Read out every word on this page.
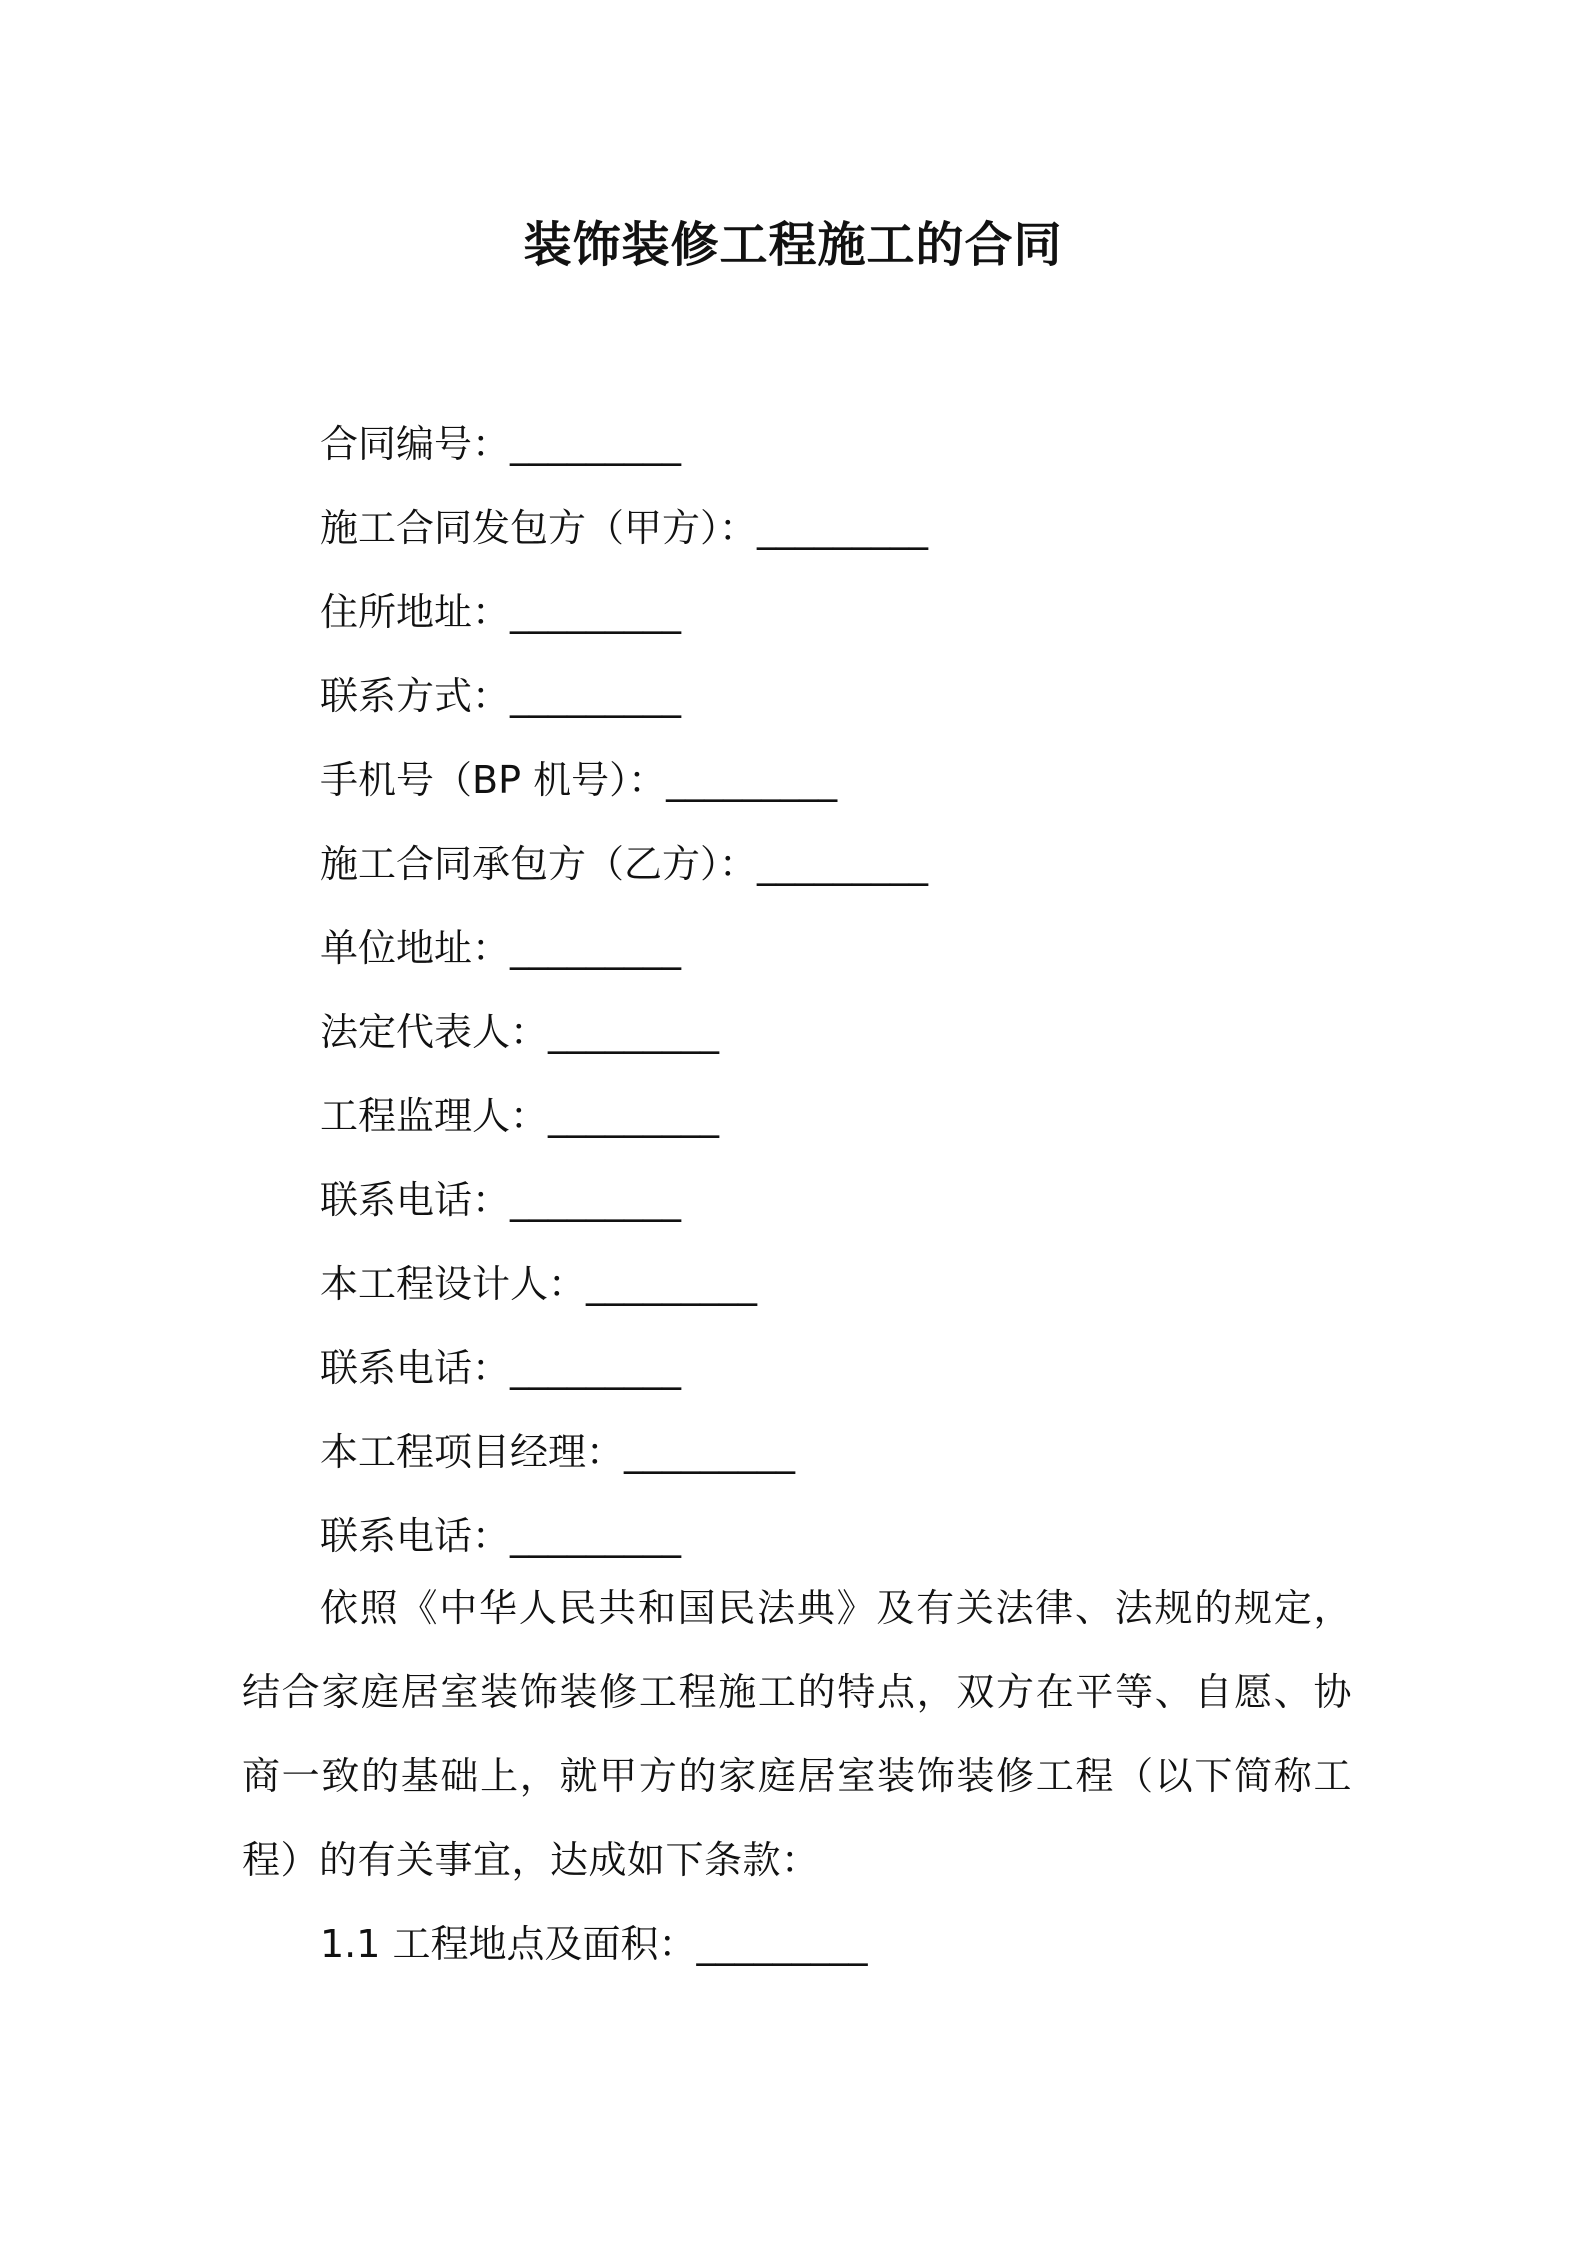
装饰装修工程施工的合同
合同编号：_________
施工合同发包方（甲方）：_________
住所地址：_________
联系方式：_________
手机号（BP 机号）：_________
施工合同承包方（乙方）：_________
单位地址：_________
法定代表人：_________
工程监理人：_________
联系电话：_________
本工程设计人：_________
联系电话：_________
本工程项目经理：_________
联系电话：_________
依照《中华人民共和国民法典》及有关法律、法规的规定，结合家庭居室装饰装修工程施工的特点，双方在平等、自愿、协商一致的基础上，就甲方的家庭居室装饰装修工程（以下简称工程）的有关事宜，达成如下条款：
1.1 工程地点及面积：_________
